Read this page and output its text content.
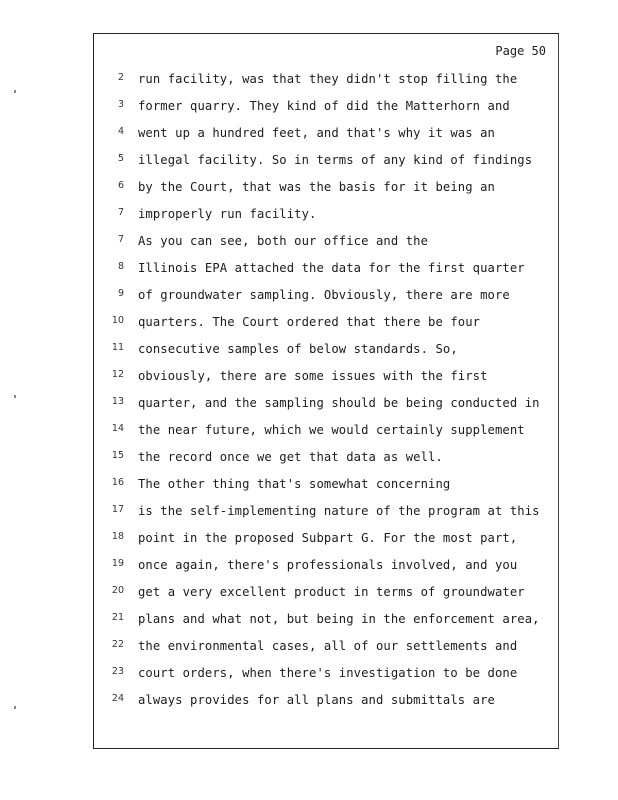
Page 50
2 run facility, was that they didn't stop filling the
3 former quarry. They kind of did the Matterhorn and
4 went up a hundred feet, and that's why it was an
5 illegal facility. So in terms of any kind of findings
6 by the Court, that was the basis for it being an
7 improperly run facility.
7 As you can see, both our office and the
8 Illinois EPA attached the data for the first quarter
9 of groundwater sampling. Obviously, there are more
10 quarters. The Court ordered that there be four
11 consecutive samples of below standards. So,
12 obviously, there are some issues with the first
13 quarter, and the sampling should be being conducted in
14 the near future, which we would certainly supplement
15 the record once we get that data as well.
16 The other thing that's somewhat concerning
17 is the self-implementing nature of the program at this
18 point in the proposed Subpart G. For the most part,
19 once again, there's professionals involved, and you
20 get a very excellent product in terms of groundwater
21 plans and what not, but being in the enforcement area,
22 the environmental cases, all of our settlements and
23 court orders, when there's investigation to be done
24 always provides for all plans and submittals are
